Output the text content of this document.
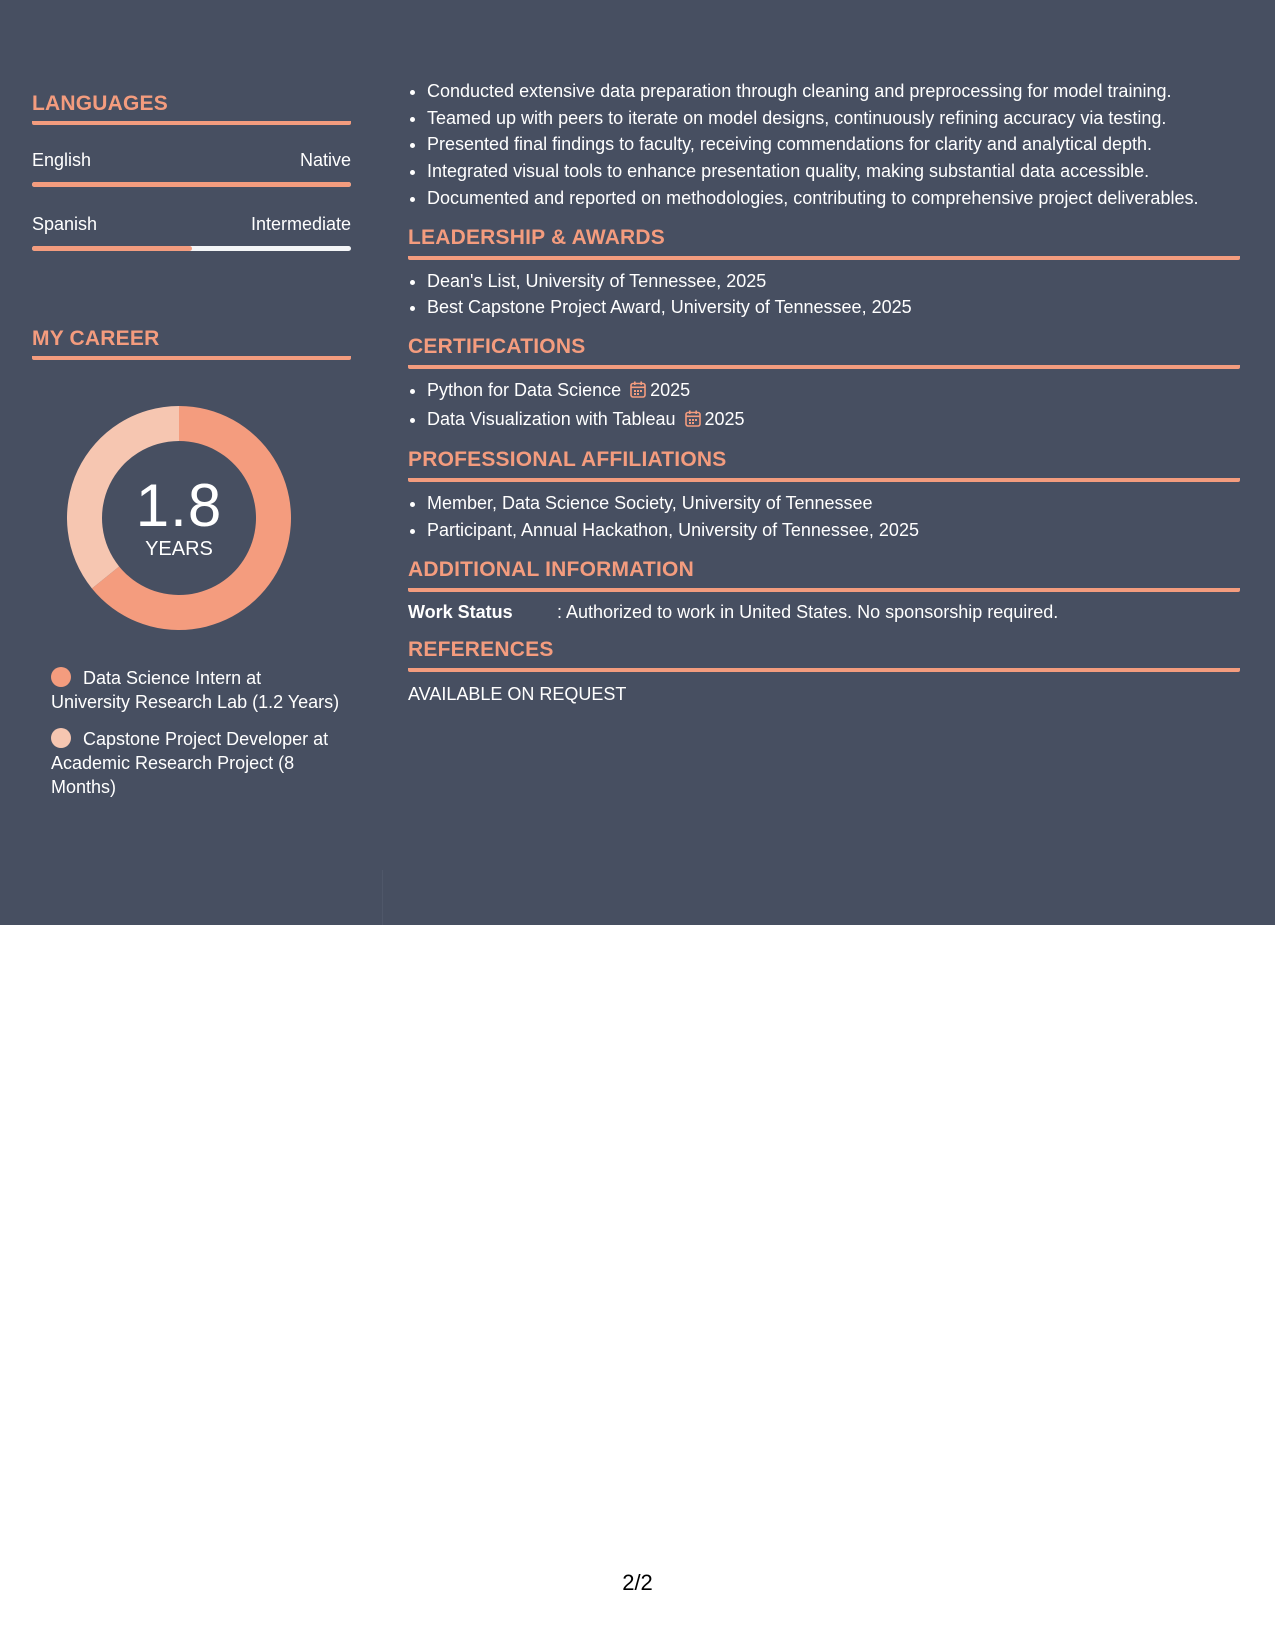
LANGUAGES
English	Native
Spanish	Intermediate
MY CAREER
1.8
YEARS
Data Science Intern at University Research Lab (1.2 Years)
Capstone Project Developer at Academic Research Project (8 Months)
• Conducted extensive data preparation through cleaning and preprocessing for model training.
• Teamed up with peers to iterate on model designs, continuously refining accuracy via testing.
• Presented final findings to faculty, receiving commendations for clarity and analytical depth.
• Integrated visual tools to enhance presentation quality, making substantial data accessible.
• Documented and reported on methodologies, contributing to comprehensive project deliverables.
LEADERSHIP & AWARDS
• Dean's List, University of Tennessee, 2025
• Best Capstone Project Award, University of Tennessee, 2025
CERTIFICATIONS
• Python for Data Science 2025
• Data Visualization with Tableau 2025
PROFESSIONAL AFFILIATIONS
• Member, Data Science Society, University of Tennessee
• Participant, Annual Hackathon, University of Tennessee, 2025
ADDITIONAL INFORMATION
Work Status	: Authorized to work in United States. No sponsorship required.
REFERENCES
AVAILABLE ON REQUEST
2/2
